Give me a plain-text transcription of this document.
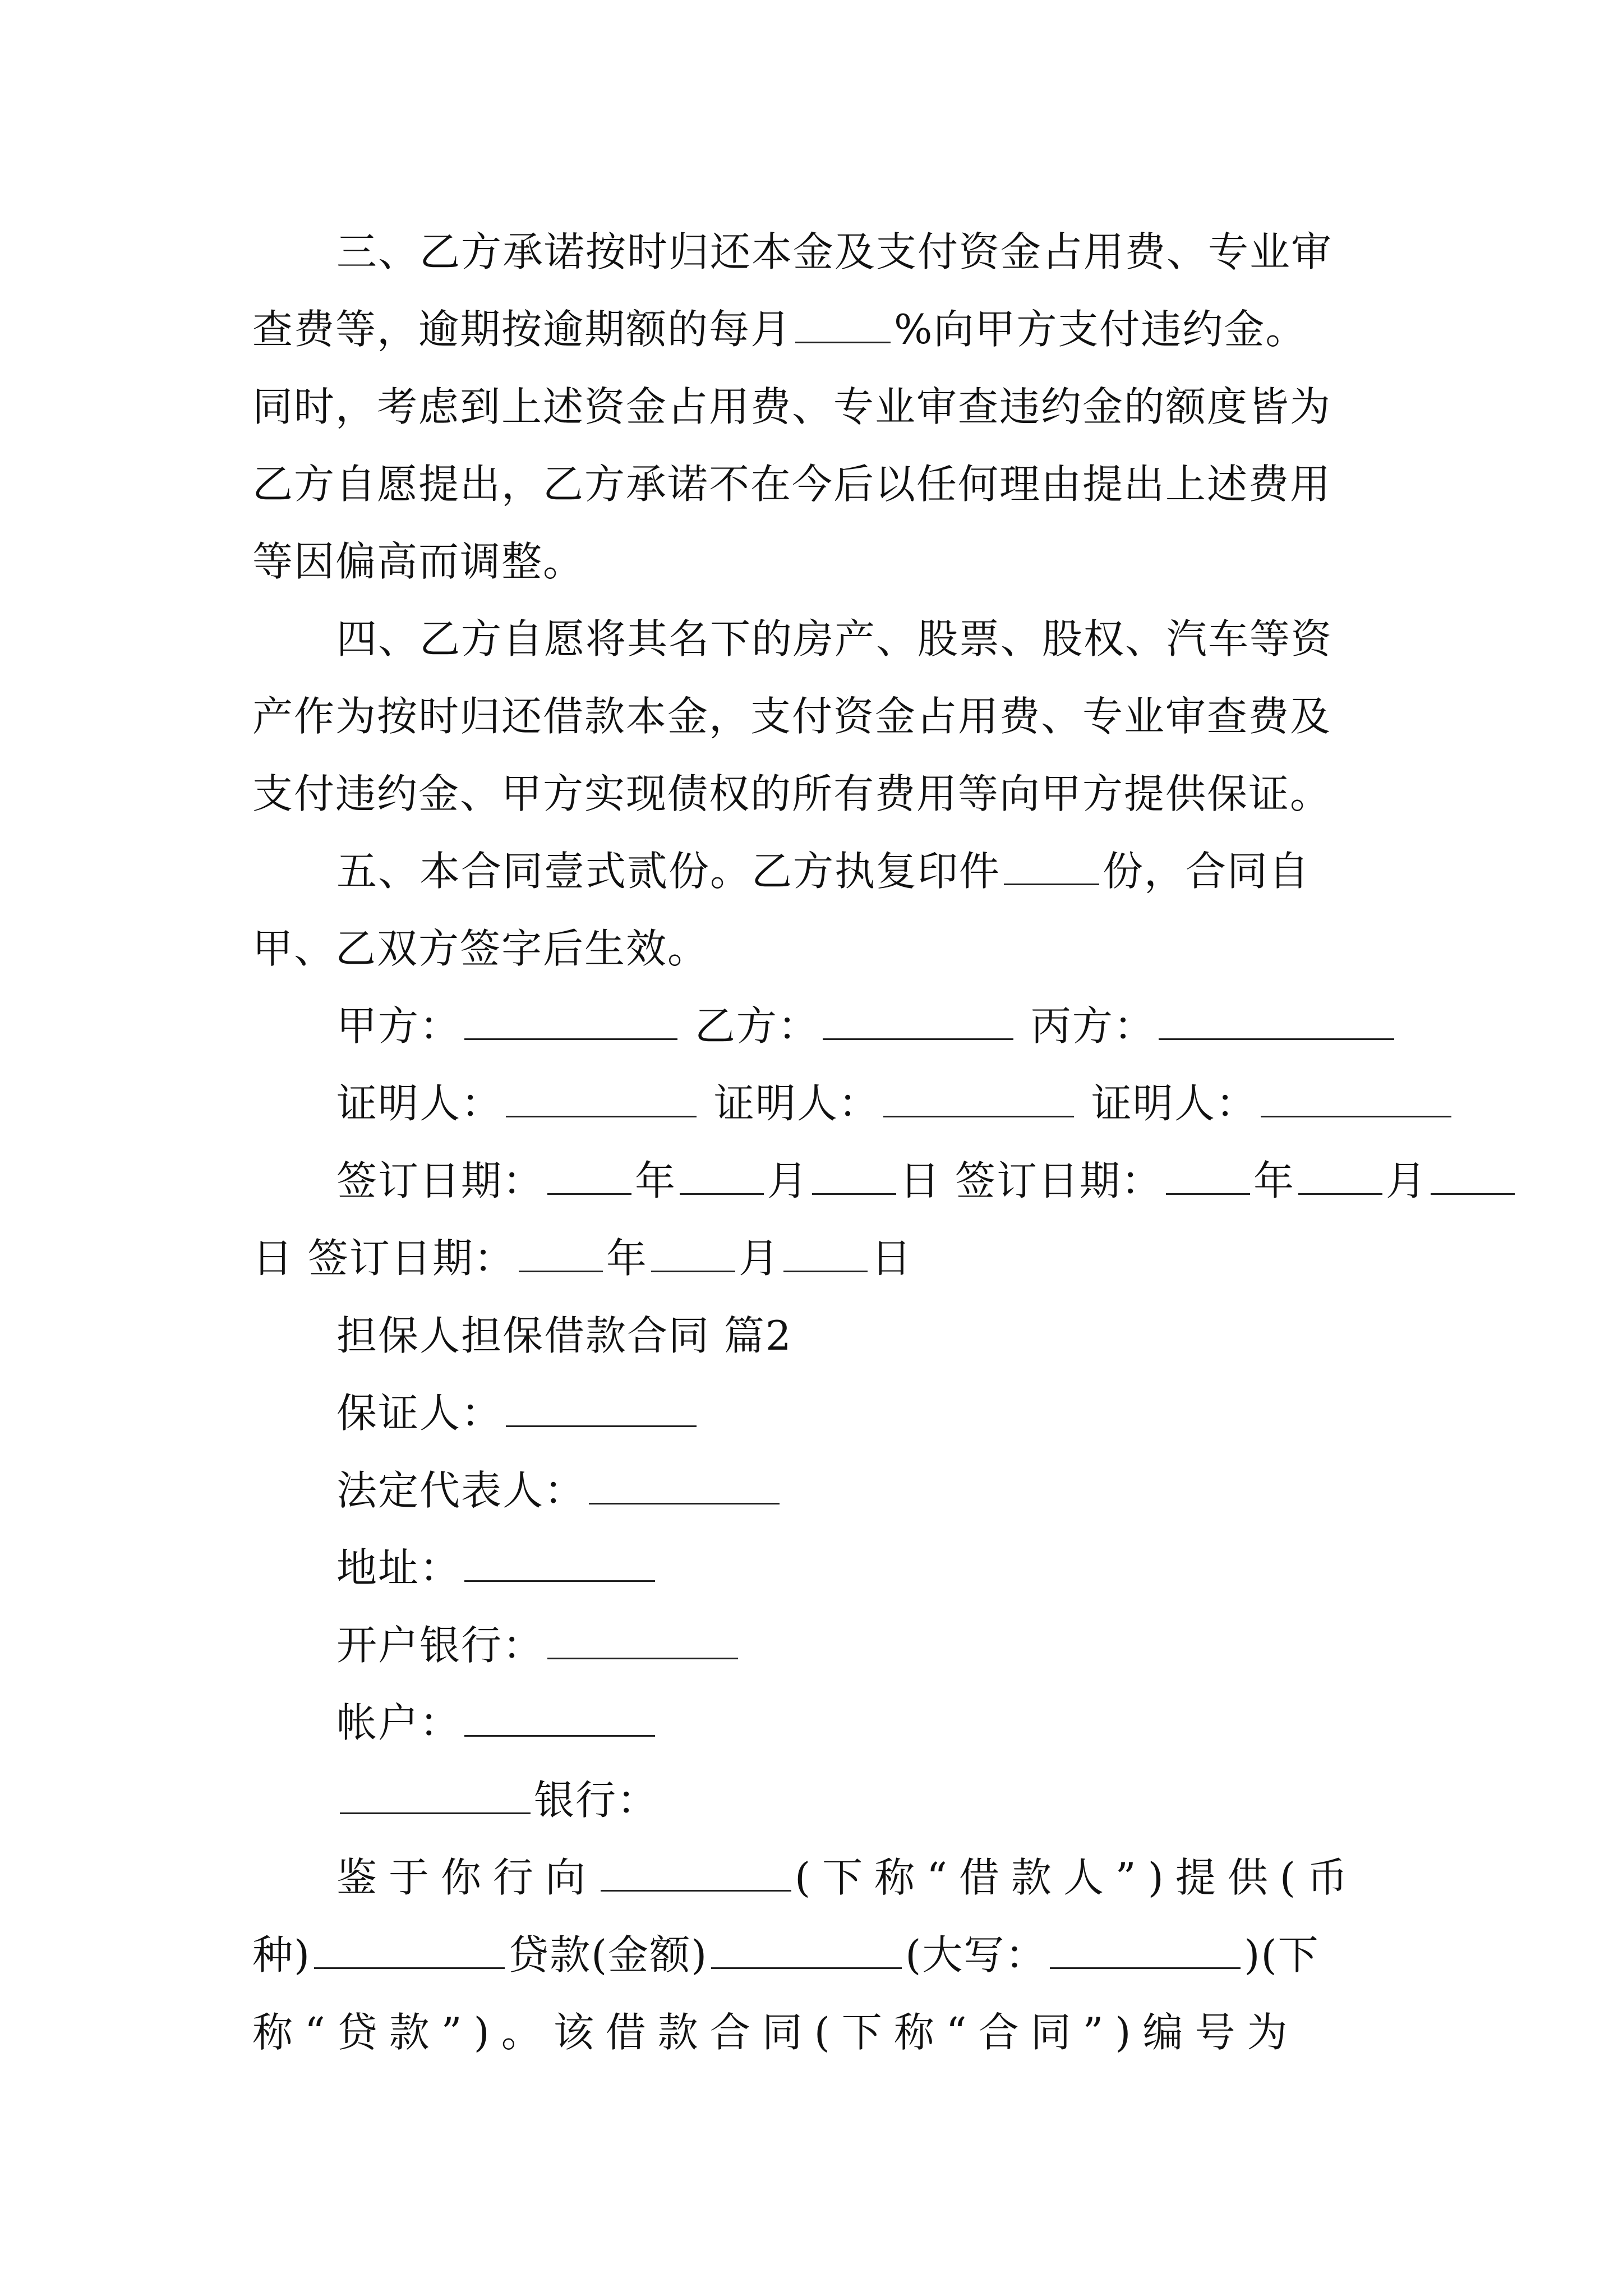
三、乙方承诺按时归还本金及支付资金占用费、专业审
查费等，逾期按逾期额的每月	%向甲方支付违约金。
同时，考虑到上述资金占用费、专业审查违约金的额度皆为
乙方自愿提出，乙方承诺不在今后以任何理由提出上述费用
等因偏高而调整。
四、乙方自愿将其名下的房产、股票、股权、汽车等资
产作为按时归还借款本金，支付资金占用费、专业审查费及
支付违约金、甲方实现债权的所有费用等向甲方提供保证。
五、本合同壹式贰份。乙方执复印件	份，合同自
甲、乙双方签字后生效。
甲方：	乙方：	丙方：
证明人：	证明人：	证明人：
签订日期： 年 月 日 签订日期： 年 月
日 签订日期： 年 月 日
担保人担保借款合同 篇2
保证人：
法定代表人：
地址：
开户银行：
帐户：
银行：
鉴于你行向	(下称“借款人”)提供(币
种)	贷款(金额)	(大写：	)(下
称“贷款”)。该借款合同(下称“合同”)编号为
